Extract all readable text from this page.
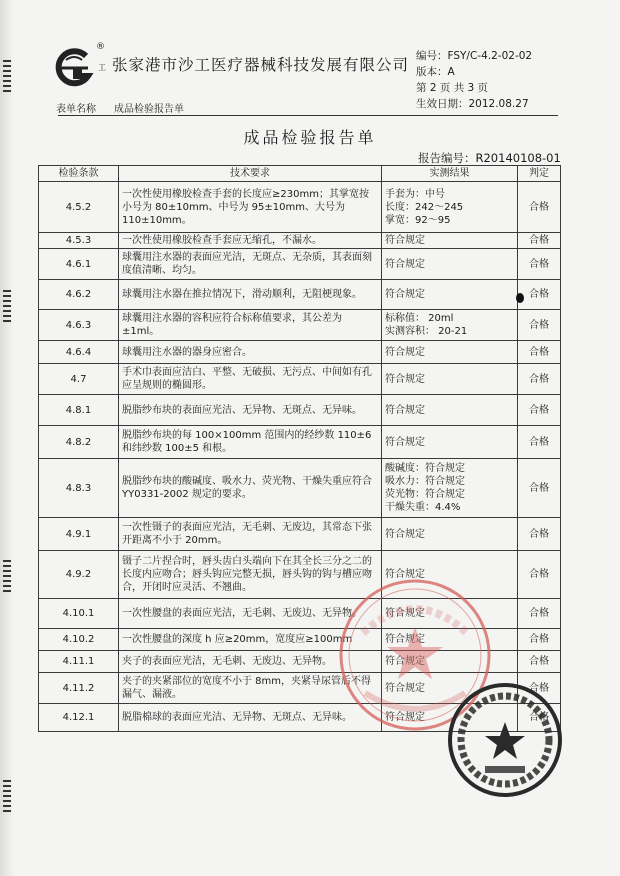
®
工 张家港市沙工医疗器械科技发展有限公司 编号：FSY/C-4.2-02-02
版本：A
第 2 页 共 3 页
生效日期：2012.08.27
表单名称 成品检验报告单
成品检验报告单
报告编号：R20140108-01
检验条款	技术要求	实测结果	判定
4.5.2	一次性使用橡胶检查手套的长度应≥230mm；其掌宽按小号为 80±10mm、中号为 95±10mm、大号为 110±10mm。	手套为：中号
长度：242～245
掌宽：92～95	合格
4.5.3	一次性使用橡胶检查手套应无缩孔，不漏水。	符合规定	合格
4.6.1	球囊用注水器的表面应光洁，无斑点、无杂质，其表面刻度值清晰、均匀。	符合规定	合格
4.6.2	球囊用注水器在推拉情况下，滑动顺利，无阻梗现象。	符合规定	合格
4.6.3	球囊用注水器的容积应符合标称值要求，其公差为±1ml。	标称值： 20ml
实测容积： 20-21	合格
4.6.4	球囊用注水器的器身应密合。	符合规定	合格
4.7	手术巾表面应洁白、平整、无破损、无污点、中间如有孔应呈规则的椭圆形。	符合规定	合格
4.8.1	脱脂纱布块的表面应光洁、无异物、无斑点、无异味。	符合规定	合格
4.8.2	脱脂纱布块的每 100×100mm 范围内的经纱数 110±6 和纬纱数 100±5 和根。	符合规定	合格
4.8.3	脱脂纱布块的酸碱度、吸水力、荧光物、干燥失重应符合 YY0331-2002 规定的要求。	酸碱度：符合规定
吸水力：符合规定
荧光物：符合规定
干燥失重：4.4%	合格
4.9.1	一次性镊子的表面应光洁，无毛刺、无废边，其常态下张开距离不小于 20mm。	符合规定	合格
4.9.2	镊子二片捏合时，唇头齿白头端向下在其全长三分之二的长度内应吻合；唇头钩应完整无损，唇头钩的钩与槽应吻合，开闭时应灵活、不翘曲。	符合规定	合格
4.10.1	一次性腰盘的表面应光洁，无毛刺、无废边、无异物。	符合规定	合格
4.10.2	一次性腰盘的深度 h 应≥20mm，宽度应≥100mm	符合规定	合格
4.11.1	夹子的表面应光洁，无毛刺、无废边、无异物。	符合规定	合格
4.11.2	夹子的夹紧部位的宽度不小于 8mm，夹紧导尿管后不得漏气、漏液。	符合规定	合格
4.12.1	脱脂棉球的表面应光洁、无异物、无斑点、无异味。	符合规定	合格
